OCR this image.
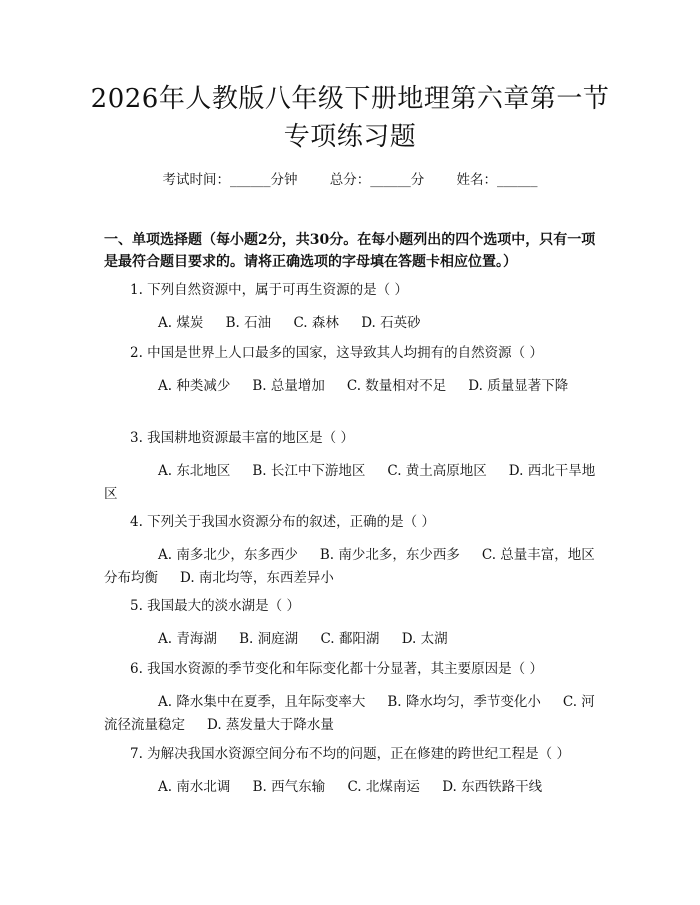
2026年人教版八年级下册地理第六章第一节
专项练习题
考试时间：______分钟 总分：______分 姓名：______
一、单项选择题（每小题2分，共30分。在每小题列出的四个选项中，只有一项是最符合题目要求的。请将正确选项的字母填在答题卡相应位置。）
1. 下列自然资源中，属于可再生资源的是（ ）
A. 煤炭 B. 石油 C. 森林 D. 石英砂
2. 中国是世界上人口最多的国家，这导致其人均拥有的自然资源（ ）
A. 种类减少 B. 总量增加 C. 数量相对不足 D. 质量显著下降
3. 我国耕地资源最丰富的地区是（ ）
A. 东北地区 B. 长江中下游地区 C. 黄土高原地区 D. 西北干旱地区
4. 下列关于我国水资源分布的叙述，正确的是（ ）
A. 南多北少，东多西少 B. 南少北多，东少西多 C. 总量丰富，地区分布均衡 D. 南北均等，东西差异小
5. 我国最大的淡水湖是（ ）
A. 青海湖 B. 洞庭湖 C. 鄱阳湖 D. 太湖
6. 我国水资源的季节变化和年际变化都十分显著，其主要原因是（ ）
A. 降水集中在夏季，且年际变率大 B. 降水均匀，季节变化小 C. 河流径流量稳定 D. 蒸发量大于降水量
7. 为解决我国水资源空间分布不均的问题，正在修建的跨世纪工程是（ ）
A. 南水北调 B. 西气东输 C. 北煤南运 D. 东西铁路干线
